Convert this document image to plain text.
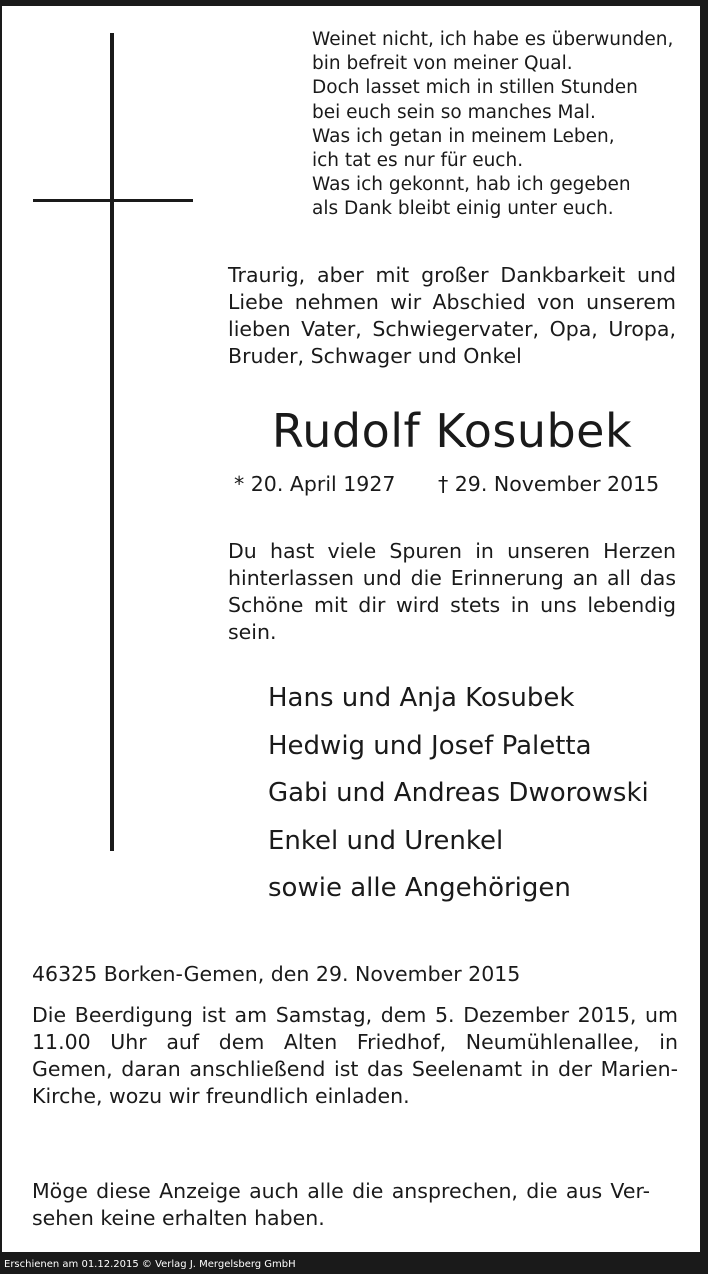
Weinet nicht, ich habe es überwunden,
bin befreit von meiner Qual.
Doch lasset mich in stillen Stunden
bei euch sein so manches Mal.
Was ich getan in meinem Leben,
ich tat es nur für euch.
Was ich gekonnt, hab ich gegeben
als Dank bleibt einig unter euch.
Traurig, aber mit großer Dankbarkeit und
Liebe nehmen wir Abschied von unserem
lieben Vater, Schwiegervater, Opa, Uropa,
Bruder, Schwager und Onkel
Rudolf Kosubek
* 20. April 1927 † 29. November 2015
Du hast viele Spuren in unseren Herzen
hinterlassen und die Erinnerung an all das
Schöne mit dir wird stets in uns lebendig
sein.
Hans und Anja Kosubek
Hedwig und Josef Paletta
Gabi und Andreas Dworowski
Enkel und Urenkel
sowie alle Angehörigen
46325 Borken-Gemen, den 29. November 2015
Die Beerdigung ist am Samstag, dem 5. Dezember 2015, um
11.00 Uhr auf dem Alten Friedhof, Neumühlenallee, in
Gemen, daran anschließend ist das Seelenamt in der Marien-
Kirche, wozu wir freundlich einladen.
Möge diese Anzeige auch alle die ansprechen, die aus Ver-
sehen keine erhalten haben.
Erschienen am 01.12.2015 © Verlag J. Mergelsberg GmbH
